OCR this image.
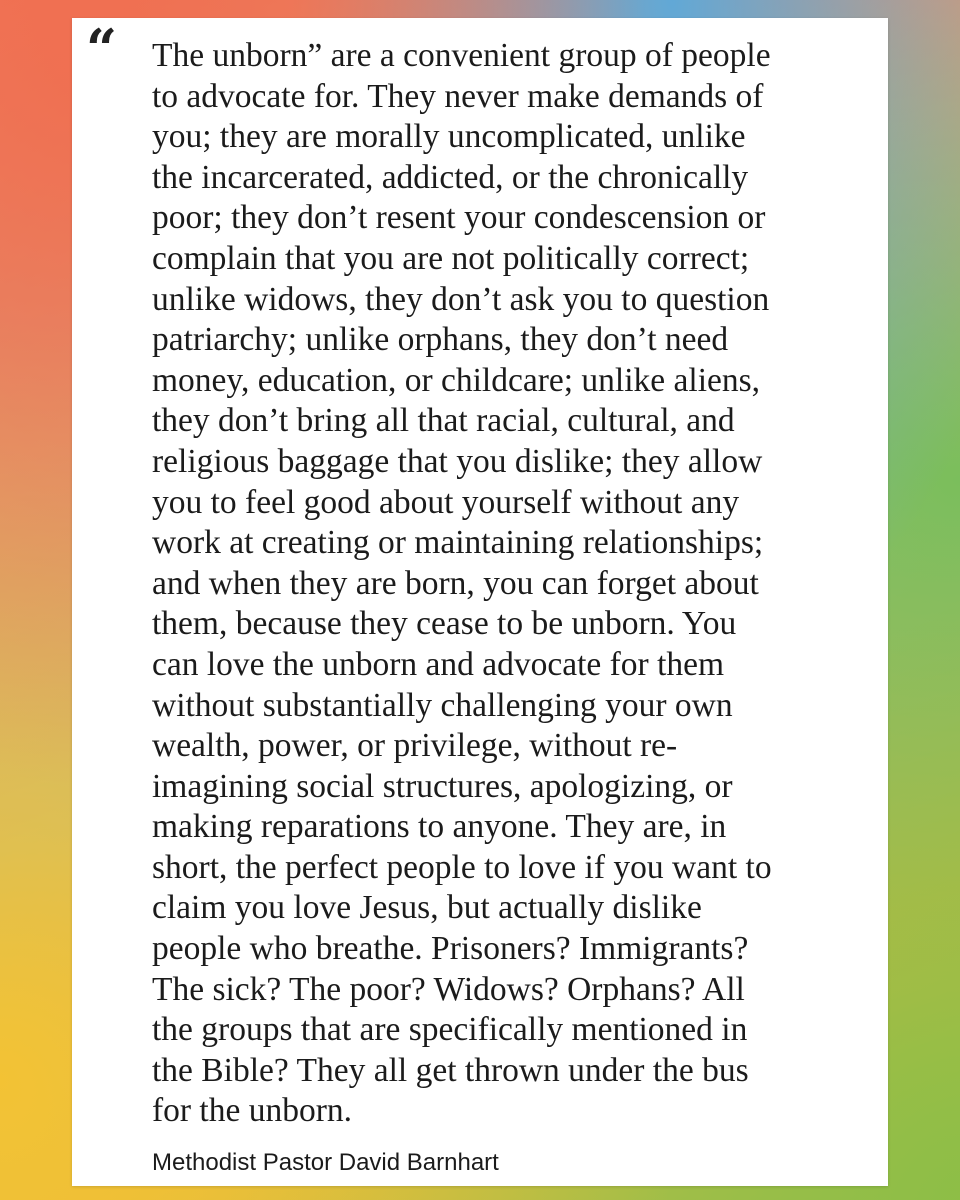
“ The unborn” are a convenient group of people
to advocate for. They never make demands of
you; they are morally uncomplicated, unlike
the incarcerated, addicted, or the chronically
poor; they don’t resent your condescension or
complain that you are not politically correct;
unlike widows, they don’t ask you to question
patriarchy; unlike orphans, they don’t need
money, education, or childcare; unlike aliens,
they don’t bring all that racial, cultural, and
religious baggage that you dislike; they allow
you to feel good about yourself without any
work at creating or maintaining relationships;
and when they are born, you can forget about
them, because they cease to be unborn. You
can love the unborn and advocate for them
without substantially challenging your own
wealth, power, or privilege, without re-
imagining social structures, apologizing, or
making reparations to anyone. They are, in
short, the perfect people to love if you want to
claim you love Jesus, but actually dislike
people who breathe. Prisoners? Immigrants?
The sick? The poor? Widows? Orphans? All
the groups that are specifically mentioned in
the Bible? They all get thrown under the bus
for the unborn.

Methodist Pastor David Barnhart
